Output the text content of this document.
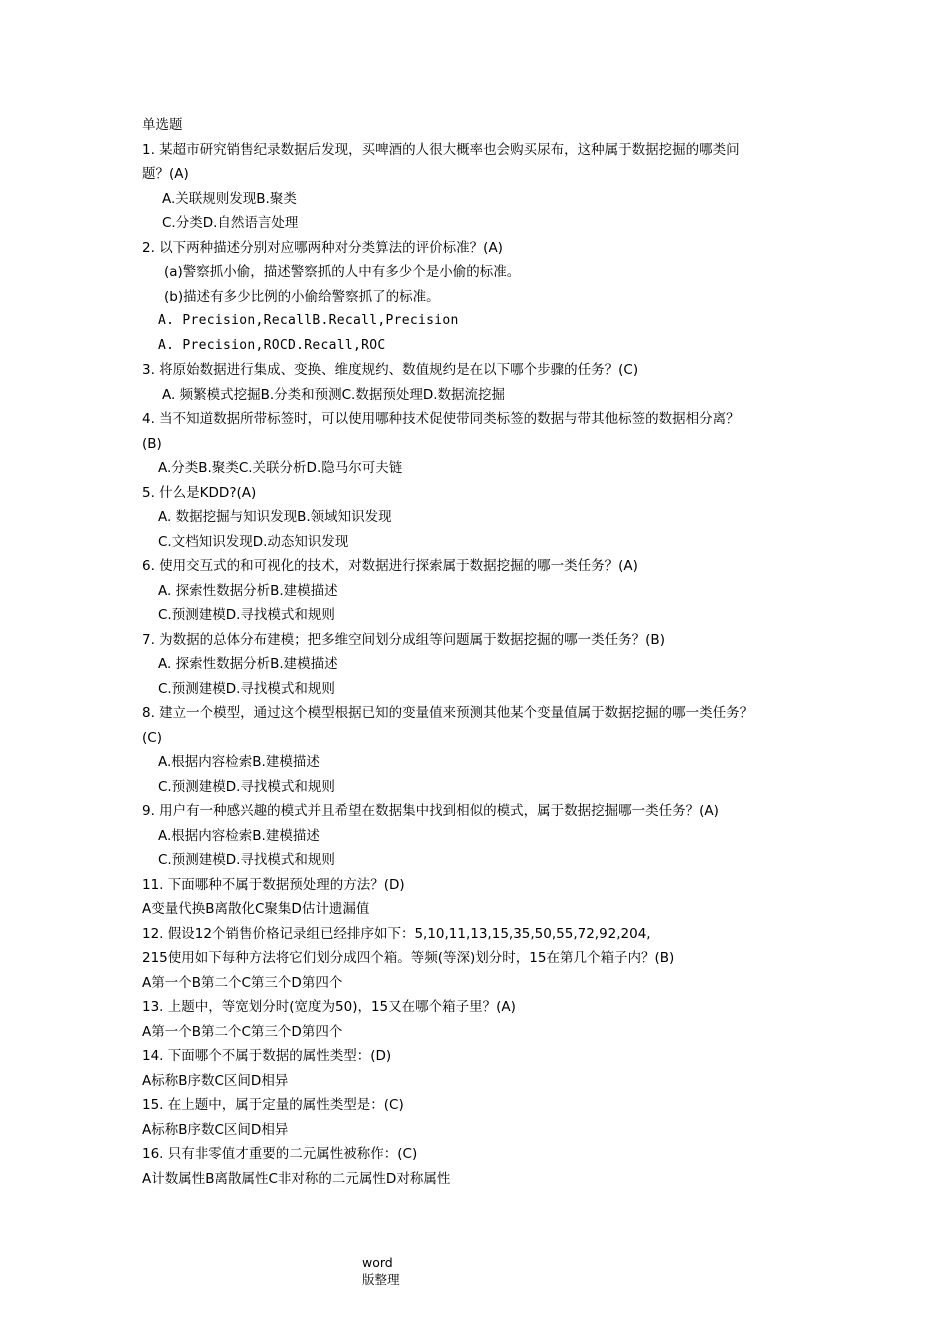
单选题
1. 某超市研究销售纪录数据后发现，买啤酒的人很大概率也会购买尿布，这种属于数据挖掘的哪类问
题？(A)
A.关联规则发现B.聚类
C.分类D.自然语言处理
2. 以下两种描述分别对应哪两种对分类算法的评价标准？(A)
(a)警察抓小偷，描述警察抓的人中有多少个是小偷的标准。
(b)描述有多少比例的小偷给警察抓了的标准。
A. Precision,RecallB.Recall,Precision
A. Precision,ROCD.Recall,ROC
3. 将原始数据进行集成、变换、维度规约、数值规约是在以下哪个步骤的任务？(C)
A. 频繁模式挖掘B.分类和预测C.数据预处理D.数据流挖掘
4. 当不知道数据所带标签时，可以使用哪种技术促使带同类标签的数据与带其他标签的数据相分离？
(B)
A.分类B.聚类C.关联分析D.隐马尔可夫链
5. 什么是KDD?(A)
A. 数据挖掘与知识发现B.领域知识发现
C.文档知识发现D.动态知识发现
6. 使用交互式的和可视化的技术，对数据进行探索属于数据挖掘的哪一类任务？(A)
A. 探索性数据分析B.建模描述
C.预测建模D.寻找模式和规则
7. 为数据的总体分布建模；把多维空间划分成组等问题属于数据挖掘的哪一类任务？(B)
A. 探索性数据分析B.建模描述
C.预测建模D.寻找模式和规则
8. 建立一个模型，通过这个模型根据已知的变量值来预测其他某个变量值属于数据挖掘的哪一类任务？
(C)
A.根据内容检索B.建模描述
C.预测建模D.寻找模式和规则
9. 用户有一种感兴趣的模式并且希望在数据集中找到相似的模式，属于数据挖掘哪一类任务？(A)
A.根据内容检索B.建模描述
C.预测建模D.寻找模式和规则
11. 下面哪种不属于数据预处理的方法？(D)
A变量代换B离散化C聚集D估计遗漏值
12. 假设12个销售价格记录组已经排序如下：5,10,11,13,15,35,50,55,72,92,204,
215使用如下每种方法将它们划分成四个箱。等频(等深)划分时，15在第几个箱子内？(B)
A第一个B第二个C第三个D第四个
13. 上题中，等宽划分时(宽度为50)，15又在哪个箱子里？(A)
A第一个B第二个C第三个D第四个
14. 下面哪个不属于数据的属性类型：(D)
A标称B序数C区间D相异
15. 在上题中，属于定量的属性类型是：(C)
A标称B序数C区间D相异
16. 只有非零值才重要的二元属性被称作：(C)
A计数属性B离散属性C非对称的二元属性D对称属性
word
版整理
